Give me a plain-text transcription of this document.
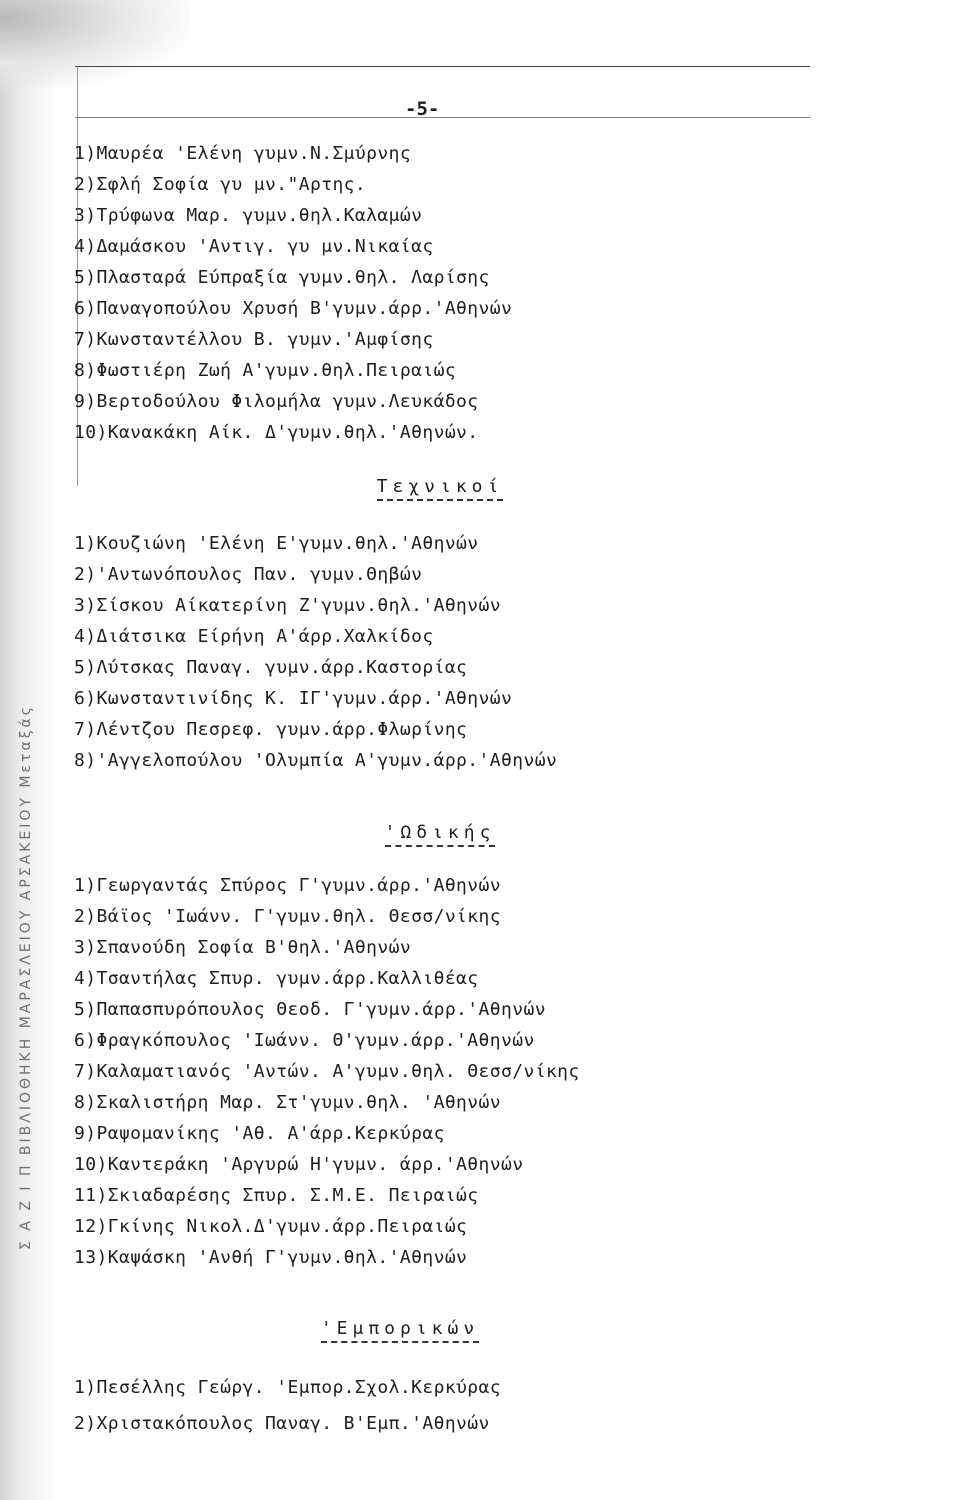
Σ Α Ζ Ι Π ΒΙΒΛΙΟΘΗΚΗ ΜΑΡΑΣΛΕΙΟΥ ΑΡΣΑΚΕΙΟΥ Μεταξάς
-5-
1)Μαυρέα 'Ελένη γυμν.Ν.Σμύρνης
2)Σφλή Σοφία γυ μν."Αρτης.
3)Τρύφωνα Μαρ. γυμν.θηλ.Καλαμών
4)Δαμάσκου 'Αντιγ. γυ μν.Νικαίας
5)Πλασταρά Εύπραξία γυμν.θηλ. Λαρίσης
6)Παναγοπούλου Χρυσή Β'γυμν.άρρ.'Αθηνών
7)Κωνσταντέλλου Β. γυμν.'Αμφίσης
8)Φωστιέρη Ζωή Α'γυμν.θηλ.Πειραιώς
9)Βερτοδούλου Φιλομήλα γυμν.Λευκάδος
10)Κανακάκη Αίκ. Δ'γυμν.θηλ.'Αθηνών.
Τεχνικοί
1)Κουζιώνη 'Ελένη Ε'γυμν.θηλ.'Αθηνών
2)'Αντωνόπουλος Παν. γυμν.Θηβών
3)Σίσκου Αίκατερίνη Ζ'γυμν.θηλ.'Αθηνών
4)Διάτσικα Είρήνη Α'άρρ.Χαλκίδος
5)Λύτσκας Παναγ. γυμν.άρρ.Καστορίας
6)Κωνσταντινίδης Κ. ΙΓ'γυμν.άρρ.'Αθηνών
7)Λέντζου Πεσρεφ. γυμν.άρρ.Φλωρίνης
8)'Αγγελοπούλου 'Ολυμπία Α'γυμν.άρρ.'Αθηνών
'Ωδικής
1)Γεωργαντάς Σπύρος Γ'γυμν.άρρ.'Αθηνών
2)Βάϊος 'Ιωάνν. Γ'γυμν.θηλ. Θεσσ/νίκης
3)Σπανούδη Σοφία Β'θηλ.'Αθηνών
4)Τσαντήλας Σπυρ. γυμν.άρρ.Καλλιθέας
5)Παπασπυρόπουλος Θεοδ. Γ'γυμν.άρρ.'Αθηνών
6)Φραγκόπουλος 'Ιωάνν. Θ'γυμν.άρρ.'Αθηνών
7)Καλαματιανός 'Αντών. Α'γυμν.θηλ. Θεσσ/νίκης
8)Σκαλιστήρη Μαρ. Στ'γυμν.θηλ. 'Αθηνών
9)Ραψομανίκης 'Αθ. Α'άρρ.Κερκύρας
10)Καντεράκη 'Αργυρώ Η'γυμν. άρρ.'Αθηνών
11)Σκιαδαρέσης Σπυρ. Σ.Μ.Ε. Πειραιώς
12)Γκίνης Νικολ.Δ'γυμν.άρρ.Πειραιώς
13)Καψάσκη 'Ανθή Γ'γυμν.θηλ.'Αθηνών
'Εμπορικών
1)Πεσέλλης Γεώργ. 'Εμπορ.Σχολ.Κερκύρας
2)Χριστακόπουλος Παναγ. Β'Εμπ.'Αθηνών
